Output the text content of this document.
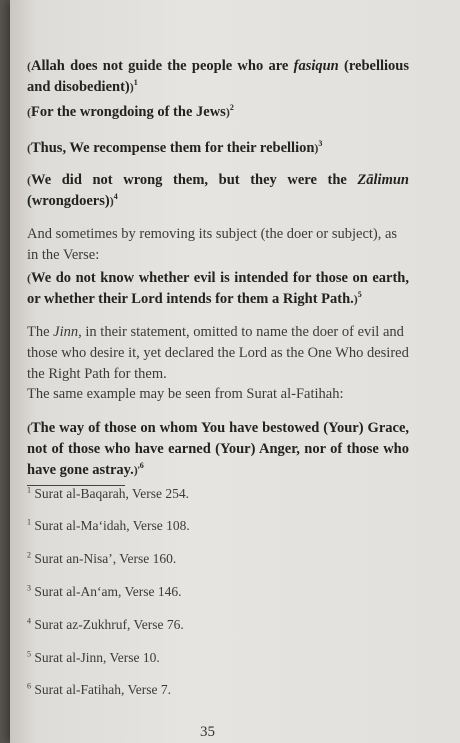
(Allah does not guide the people who are fasiqun (rebellious and disobedient))$^1$
(For the wrongdoing of the Jews)$^2$
(Thus, We recompense them for their rebellion)$^3$
(We did not wrong them, but they were the Zālimun (wrongdoers))$^4$
And sometimes by removing its subject (the doer or subject), as in the Verse:
(We do not know whether evil is intended for those on earth, or whether their Lord intends for them a Right Path.)$^5$
The Jinn, in their statement, omitted to name the doer of evil and those who desire it, yet declared the Lord as the One Who desired the Right Path for them.
The same example may be seen from Surat al-Fatihah:
(The way of those on whom You have bestowed (Your) Grace, not of those who have earned (Your) Anger, nor of those who have gone astray.)$^{,6}$
$^1$ Surat al-Baqarah, Verse 254.
$^1$ Surat al-Ma‘idah, Verse 108.
$^2$ Surat an-Nisa’, Verse 160.
$^3$ Surat al-An‘am, Verse 146.
$^4$ Surat az-Zukhruf, Verse 76.
$^5$ Surat al-Jinn, Verse 10.
$^6$ Surat al-Fatihah, Verse 7.
35
